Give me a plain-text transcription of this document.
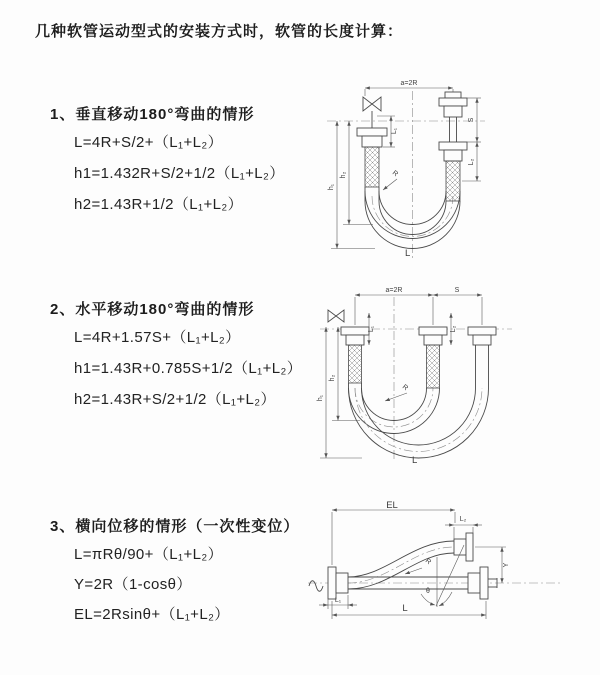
几种软管运动型式的安装方式时，软管的长度计算：
1、垂直移动180°弯曲的情形
L=4R+S/2+（L₁+L₂）
h1=1.432R+S/2+1/2（L₁+L₂）
h2=1.43R+1/2（L₁+L₂）
2、水平移动180°弯曲的情形
L=4R+1.57S+（L₁+L₂）
h1=1.43R+0.785S+1/2（L₁+L₂）
h2=1.43R+S/2+1/2（L₁+L₂）
3、横向位移的情形（一次性变位）
L=πRθ/90+（L₁+L₂）
Y=2R（1-cosθ）
EL=2Rsinθ+（L₁+L₂）
a=2R
S
L₂
L₁
h₁
h₂	R
L
a=2R	S
h₁
h₂
L₁	L₂
R
L
EL
L₂
Y
L
L₁
R
θ
